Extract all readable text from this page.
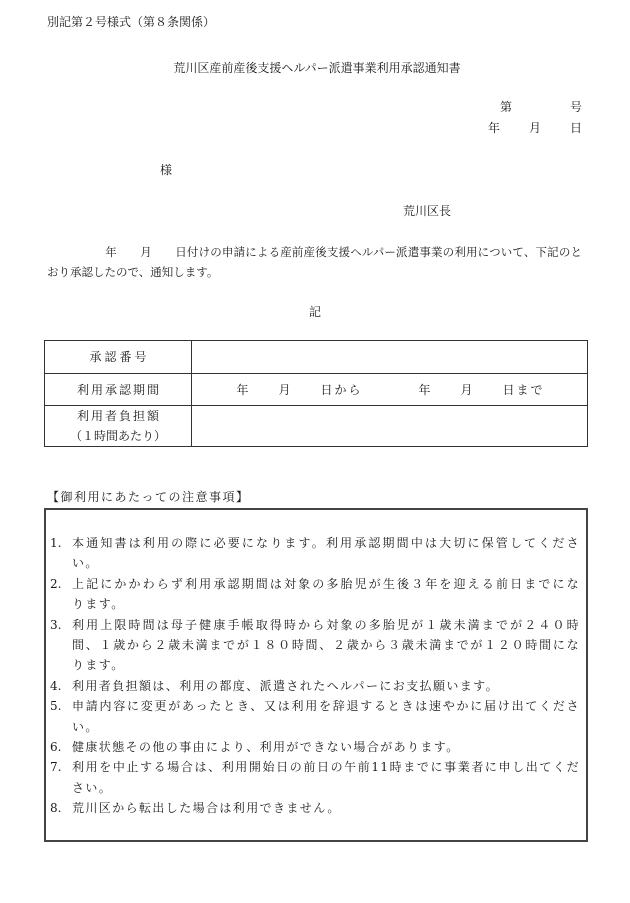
別記第２号様式（第８条関係）
荒川区産前産後支援ヘルパー派遣事業利用承認通知書
第	号
年 月 日
様
荒川区長
　　　　　年　　月　　日付けの申請による産前産後支援ヘルパー派遣事業の利用について、下記のと
おり承認したので、通知します。
記
承認番号	
利用承認期間	年　　月　　日から　　　　年　　月　　日まで

利用者負担額
（１時間あたり）	

【御利用にあたっての注意事項】
1. 本通知書は利用の際に必要になります。利用承認期間中は大切に保管してくださ
い。
2. 上記にかかわらず利用承認期間は対象の多胎児が生後３年を迎える前日までにな
ります。
3. 利用上限時間は母子健康手帳取得時から対象の多胎児が１歳未満までが２４０時
間、１歳から２歳未満までが１８０時間、２歳から３歳未満までが１２０時間にな
ります。
4. 利用者負担額は、利用の都度、派遣されたヘルパーにお支払願います。
5. 申請内容に変更があったとき、又は利用を辞退するときは速やかに届け出てくださ
い。
6. 健康状態その他の事由により、利用ができない場合があります。
7. 利用を中止する場合は、利用開始日の前日の午前11時までに事業者に申し出てくだ
さい。
8. 荒川区から転出した場合は利用できません。
